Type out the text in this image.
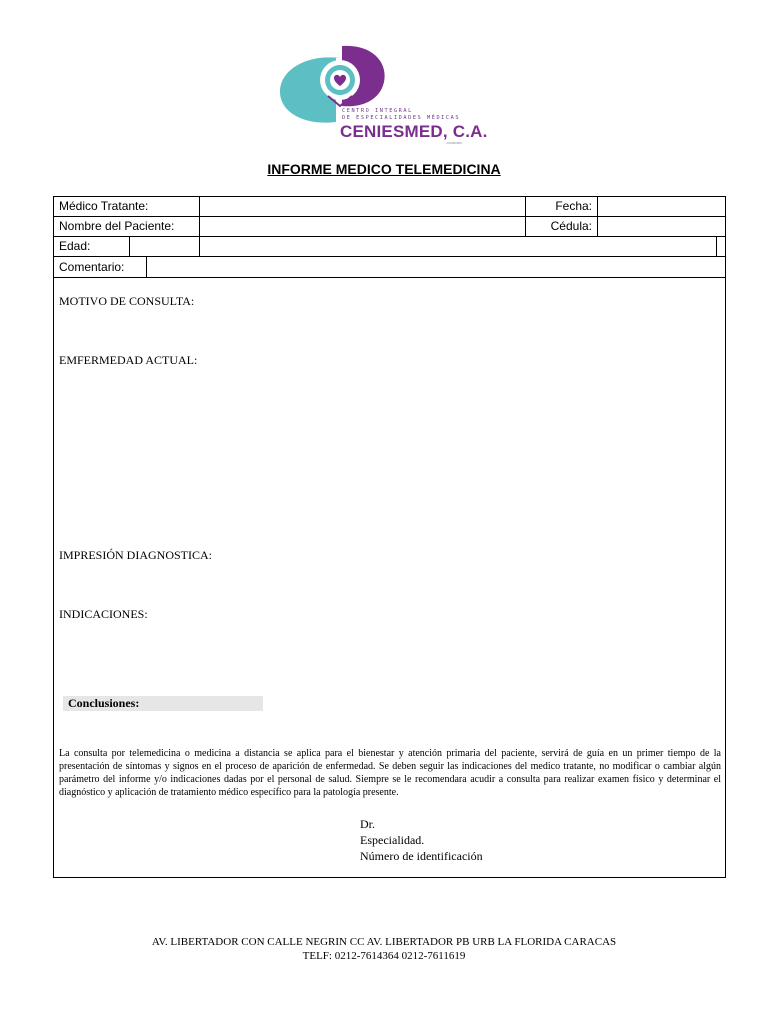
CENTRO INTEGRAL
DE ESPECIALIDADES MÉDICAS
CENIESMED, C.A.
J-00000000
INFORME MEDICO TELEMEDICINA
Médico Tratante:	Fecha:
Nombre del Paciente:	Cédula:
Edad:
Comentario:
MOTIVO DE CONSULTA:
EMFERMEDAD ACTUAL:
IMPRESIÓN DIAGNOSTICA:
INDICACIONES:
Conclusiones:

La consulta por telemedicina o medicina a distancia se aplica para el bienestar y atención primaria del paciente, servirá de guía en un primer tiempo de la presentación de síntomas y signos en el proceso de aparición de enfermedad. Se deben seguir las indicaciones del medico tratante, no modificar o cambiar algún parámetro del informe y/o indicaciones dadas por el personal de salud. Siempre se le recomendara acudir a consulta para realizar examen físico y determinar el diagnóstico y aplicación de tratamiento médico específico para la patología presente.

Dr.
Especialidad.
Número de identificación
AV. LIBERTADOR CON CALLE NEGRIN CC AV. LIBERTADOR PB URB LA FLORIDA CARACAS
TELF: 0212-7614364 0212-7611619
